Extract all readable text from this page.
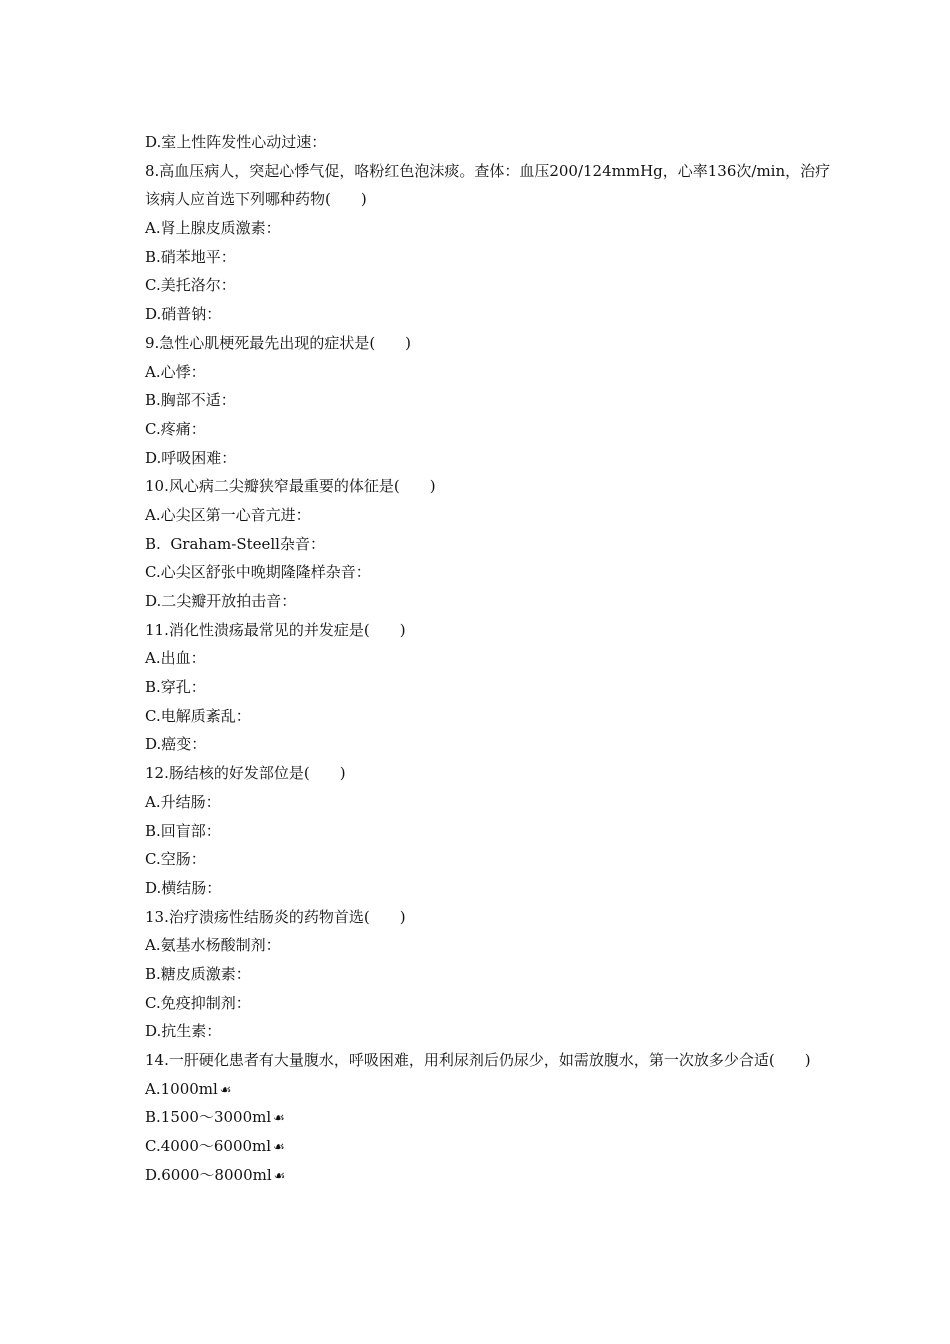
D.室上性阵发性心动过速：
8.高血压病人，突起心悸气促，咯粉红色泡沫痰。查体：血压200/124mmHg，心率136次/min，治疗该病人应首选下列哪种药物(　　)
A.肾上腺皮质激素：
B.硝苯地平：
C.美托洛尔：
D.硝普钠：
9.急性心肌梗死最先出现的症状是(　　)
A.心悸：
B.胸部不适：
C.疼痛：
D.呼吸困难：
10.风心病二尖瓣狭窄最重要的体征是(　　)
A.心尖区第一心音亢进：
B.  Graham-Steell杂音：
C.心尖区舒张中晚期隆隆样杂音：
D.二尖瓣开放拍击音：
11.消化性溃疡最常见的并发症是(　　)
A.出血：
B.穿孔：
C.电解质紊乱：
D.癌变：
12.肠结核的好发部位是(　　)
A.升结肠：
B.回盲部：
C.空肠：
D.横结肠：
13.治疗溃疡性结肠炎的药物首选(　　)
A.氨基水杨酸制剂：
B.糖皮质激素：
C.免疫抑制剂：
D.抗生素：
14.一肝硬化患者有大量腹水，呼吸困难，用利尿剂后仍尿少，如需放腹水，第一次放多少合适(　　)
A.1000ml ☙
B.1500～3000ml ☙
C.4000～6000ml ☙
D.6000～8000ml ☙
